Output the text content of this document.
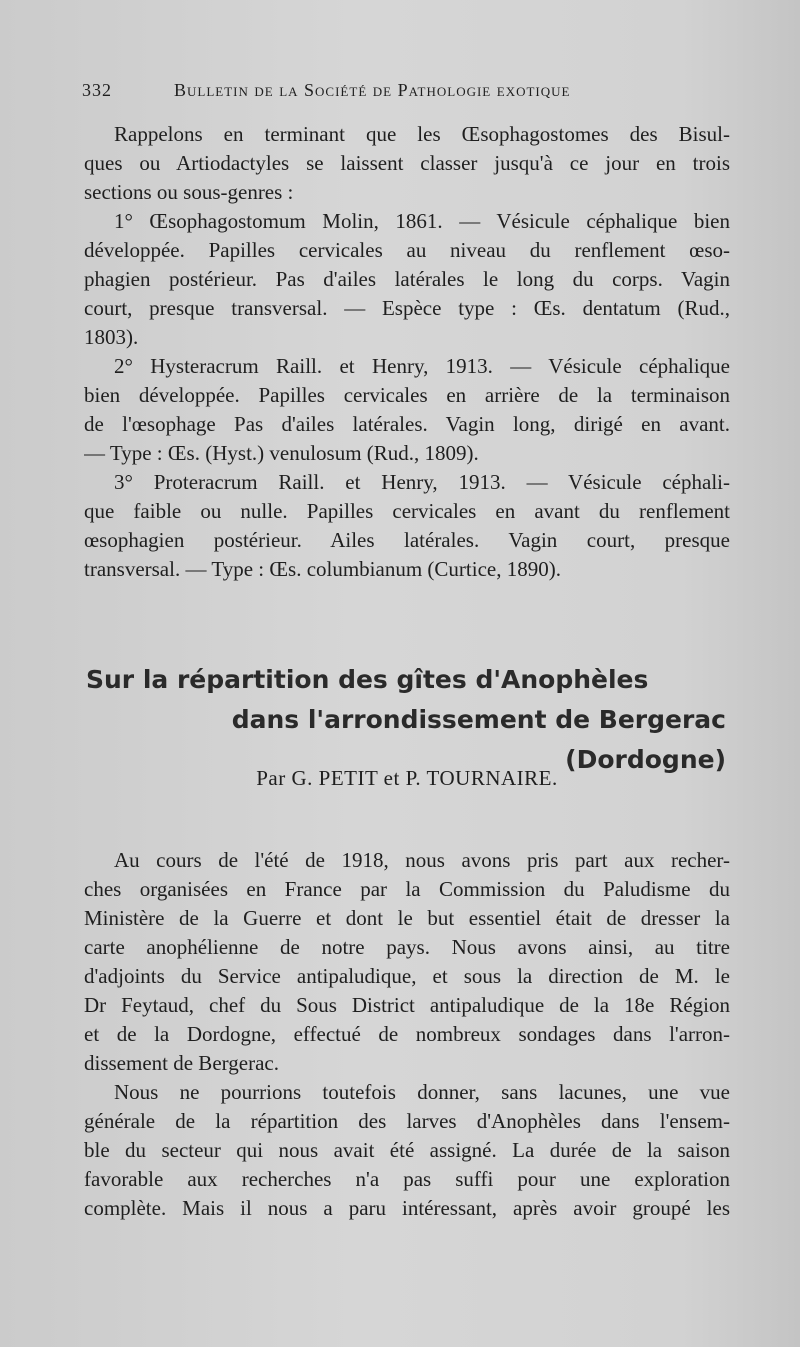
332	Bulletin de la Société de Pathologie exotique
Rappelons en terminant que les Œsophagostomes des Bisul-
ques ou Artiodactyles se laissent classer jusqu'à ce jour en trois
sections ou sous-genres :
1° Œsophagostomum Molin, 1861. — Vésicule céphalique bien
développée. Papilles cervicales au niveau du renflement œso-
phagien postérieur. Pas d'ailes latérales le long du corps. Vagin
court, presque transversal. — Espèce type : Œs. dentatum (Rud.,
1803).
2° Hysteracrum Raill. et Henry, 1913. — Vésicule céphalique
bien développée. Papilles cervicales en arrière de la terminaison
de l'œsophage Pas d'ailes latérales. Vagin long, dirigé en avant.
— Type : Œs. (Hyst.) venulosum (Rud., 1809).
3° Proteracrum Raill. et Henry, 1913. — Vésicule céphali-
que faible ou nulle. Papilles cervicales en avant du renflement
œsophagien postérieur. Ailes latérales. Vagin court, presque
transversal. — Type : Œs. columbianum (Curtice, 1890).
Sur la répartition des gîtes d'Anophèles
dans l'arrondissement de Bergerac
(Dordogne)
Par G. PETIT et P. TOURNAIRE.
Au cours de l'été de 1918, nous avons pris part aux recher-
ches organisées en France par la Commission du Paludisme du
Ministère de la Guerre et dont le but essentiel était de dresser la
carte anophélienne de notre pays. Nous avons ainsi, au titre
d'adjoints du Service antipaludique, et sous la direction de M. le
Dr Feytaud, chef du Sous District antipaludique de la 18e Région
et de la Dordogne, effectué de nombreux sondages dans l'arron-
dissement de Bergerac.
Nous ne pourrions toutefois donner, sans lacunes, une vue
générale de la répartition des larves d'Anophèles dans l'ensem-
ble du secteur qui nous avait été assigné. La durée de la saison
favorable aux recherches n'a pas suffi pour une exploration
complète. Mais il nous a paru intéressant, après avoir groupé les
